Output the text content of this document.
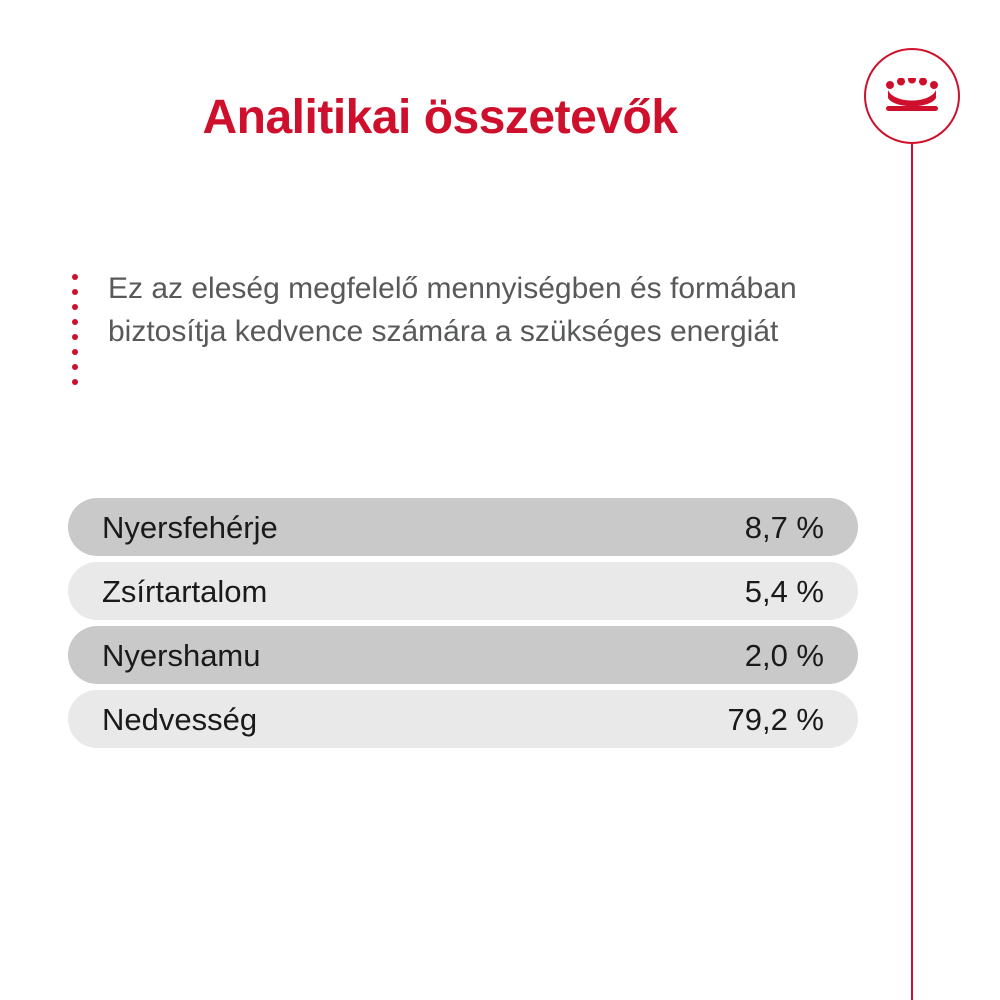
Analitikai összetevők
Ez az eleség megfelelő mennyiségben és formában biztosítja kedvence számára a szükséges energiát
Nyersfehérje	8,7 %
Zsírtartalom	5,4 %
Nyershamu	2,0 %
Nedvesség	79,2 %
